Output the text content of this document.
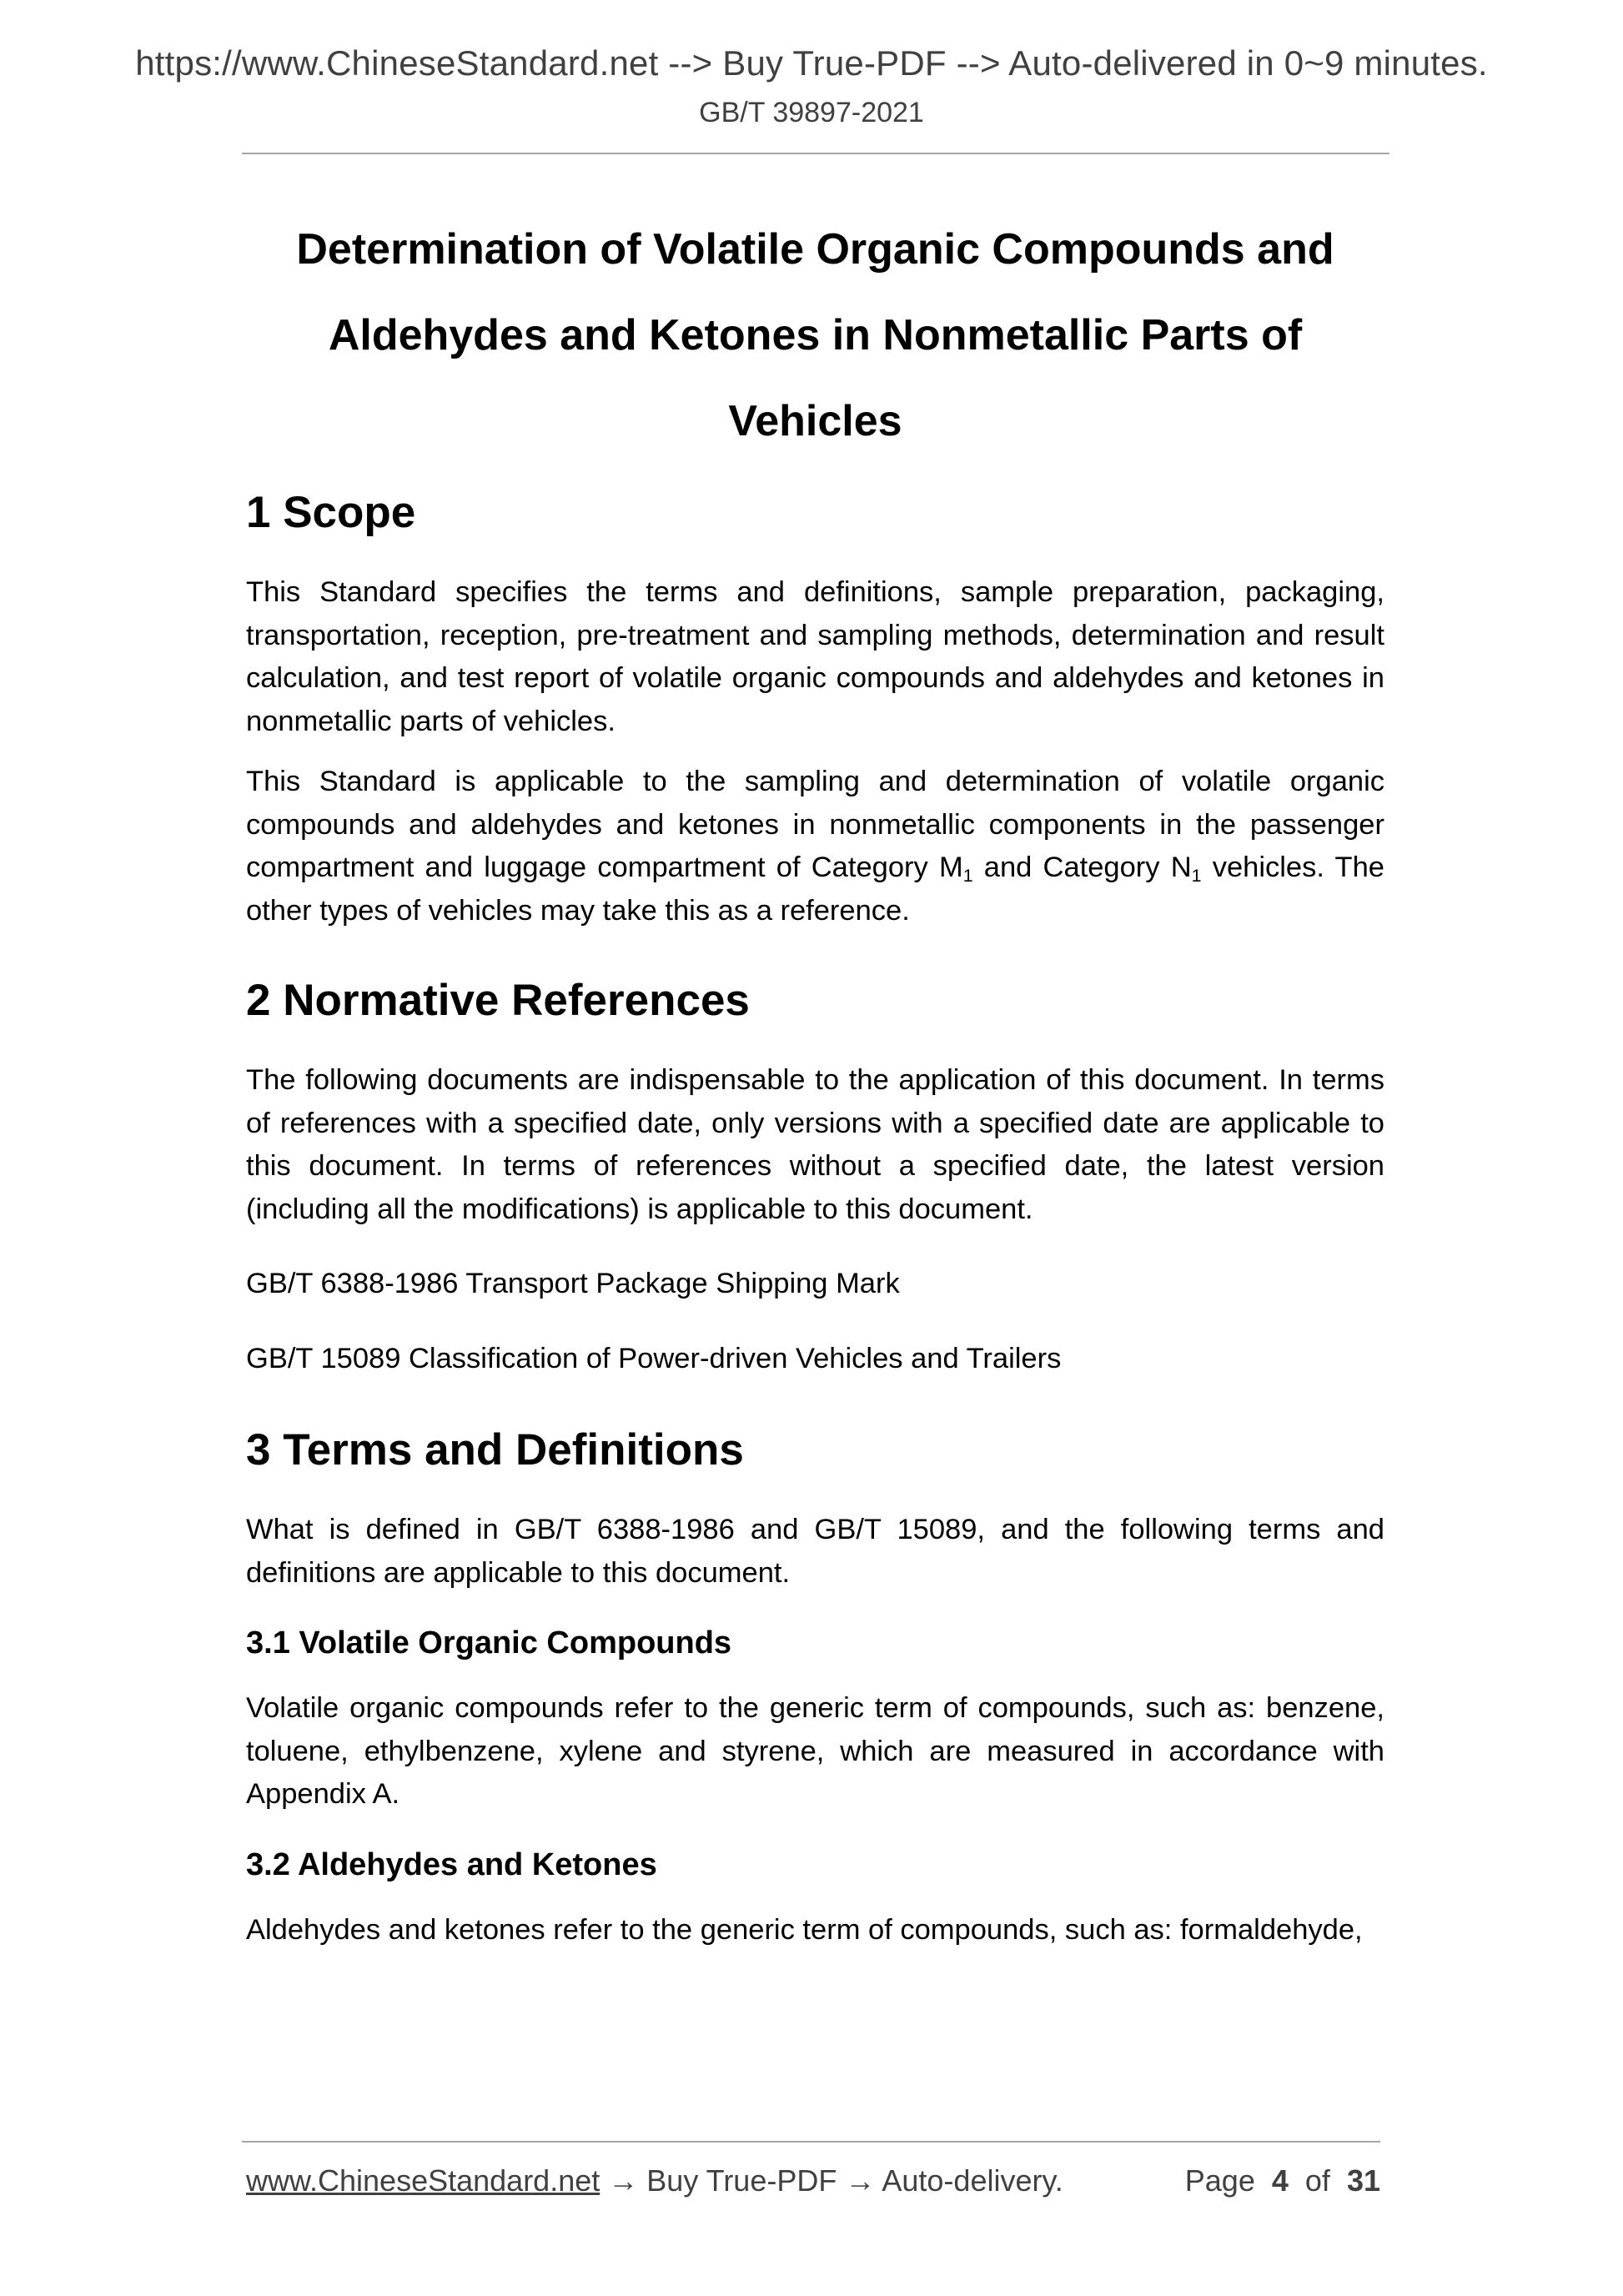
https://www.ChineseStandard.net --> Buy True-PDF --> Auto-delivered in 0~9 minutes.
GB/T 39897-2021
Determination of Volatile Organic Compounds and
Aldehydes and Ketones in Nonmetallic Parts of
Vehicles
1 Scope

This Standard specifies the terms and definitions, sample preparation, packaging, transportation, reception, pre-treatment and sampling methods, determination and result calculation, and test report of volatile organic compounds and aldehydes and ketones in nonmetallic parts of vehicles.

This Standard is applicable to the sampling and determination of volatile organic compounds and aldehydes and ketones in nonmetallic components in the passenger compartment and luggage compartment of Category $M_1$ and Category $N_1$ vehicles. The other types of vehicles may take this as a reference.

2 Normative References

The following documents are indispensable to the application of this document. In terms of references with a specified date, only versions with a specified date are applicable to this document. In terms of references without a specified date, the latest version (including all the modifications) is applicable to this document.

GB/T 6388-1986 Transport Package Shipping Mark

GB/T 15089 Classification of Power-driven Vehicles and Trailers

3 Terms and Definitions

What is defined in GB/T 6388-1986 and GB/T 15089, and the following terms and definitions are applicable to this document.

3.1 Volatile Organic Compounds

Volatile organic compounds refer to the generic term of compounds, such as: benzene, toluene, ethylbenzene, xylene and styrene, which are measured in accordance with Appendix A.

3.2 Aldehydes and Ketones

Aldehydes and ketones refer to the generic term of compounds, such as: formaldehyde,

www.ChineseStandard.net → Buy True-PDF → Auto-delivery.	Page 4 of 31
